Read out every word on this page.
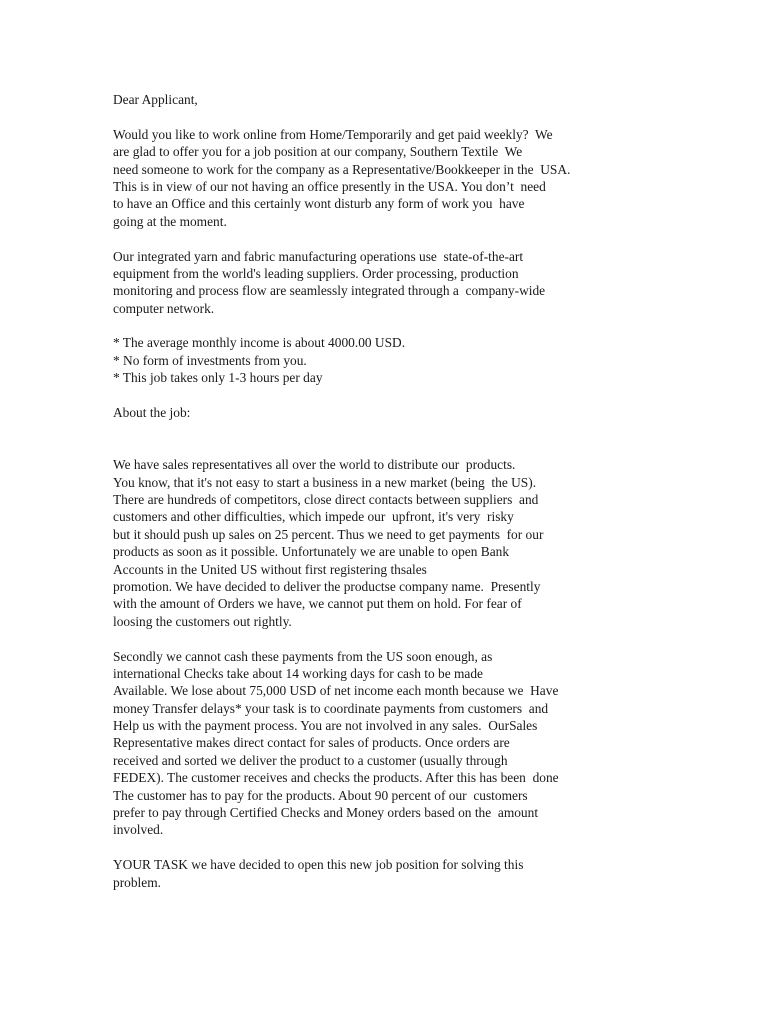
Dear Applicant,
Would you like to work online from Home/Temporarily and get paid weekly?  We
are glad to offer you for a job position at our company, Southern Textile  We
need someone to work for the company as a Representative/Bookkeeper in the  USA.
This is in view of our not having an office presently in the USA. You don’t  need
to have an Office and this certainly wont disturb any form of work you  have
going at the moment.
Our integrated yarn and fabric manufacturing operations use  state-of-the-art
equipment from the world's leading suppliers. Order processing, production
monitoring and process flow are seamlessly integrated through a  company-wide
computer network.
* The average monthly income is about 4000.00 USD.
* No form of investments from you.
* This job takes only 1-3 hours per day
About the job:
We have sales representatives all over the world to distribute our  products.
You know, that it's not easy to start a business in a new market (being  the US).
There are hundreds of competitors, close direct contacts between suppliers  and
customers and other difficulties, which impede our  upfront, it's very  risky
but it should push up sales on 25 percent. Thus we need to get payments  for our
products as soon as it possible. Unfortunately we are unable to open Bank
Accounts in the United US without first registering thsales
promotion. We have decided to deliver the productse company name.  Presently
with the amount of Orders we have, we cannot put them on hold. For fear of
loosing the customers out rightly.
Secondly we cannot cash these payments from the US soon enough, as
international Checks take about 14 working days for cash to be made
Available. We lose about 75,000 USD of net income each month because we  Have
money Transfer delays* your task is to coordinate payments from customers  and
Help us with the payment process. You are not involved in any sales.  OurSales
Representative makes direct contact for sales of products. Once orders are
received and sorted we deliver the product to a customer (usually through
FEDEX). The customer receives and checks the products. After this has been  done
The customer has to pay for the products. About 90 percent of our  customers
prefer to pay through Certified Checks and Money orders based on the  amount
involved.
YOUR TASK we have decided to open this new job position for solving this
problem.
